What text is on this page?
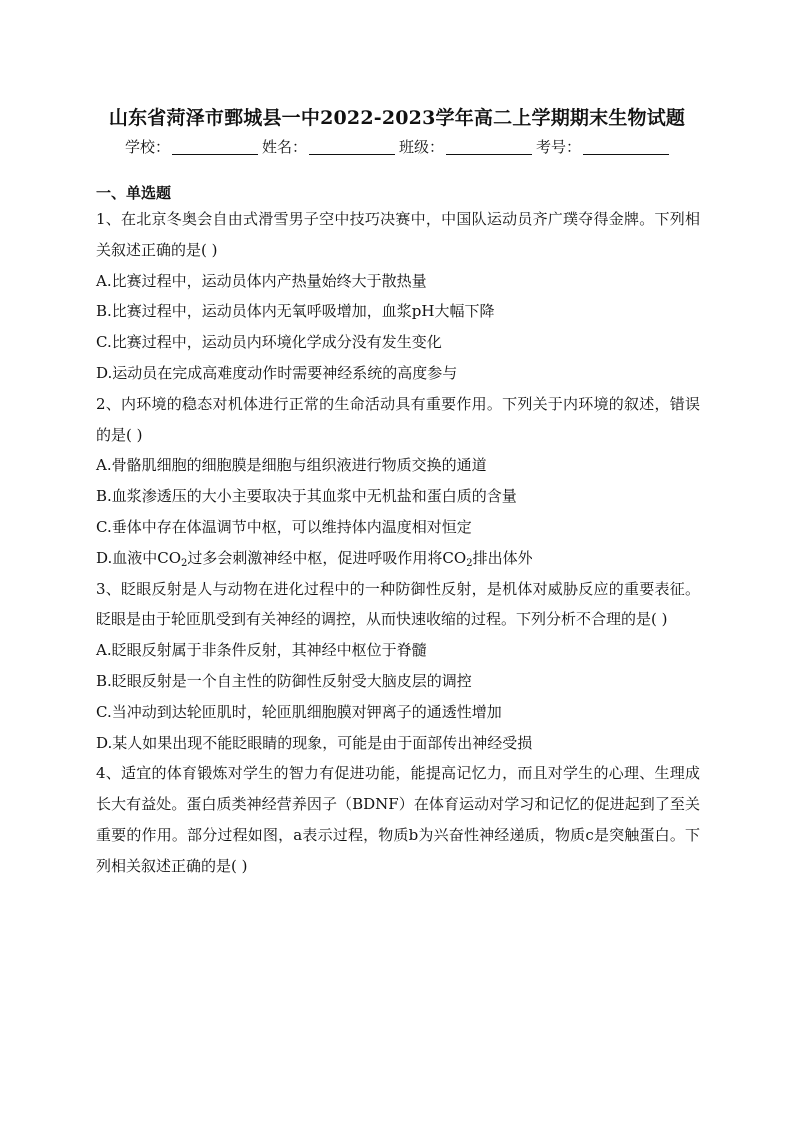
山东省菏泽市鄄城县一中2022-2023学年高二上学期期末生物试题
学校：	姓名：	班级：	考号：
一、单选题

1、在北京冬奥会自由式滑雪男子空中技巧决赛中，中国队运动员齐广璞夺得金牌。下列相关叙述正确的是( )

A.比赛过程中，运动员体内产热量始终大于散热量

B.比赛过程中，运动员体内无氧呼吸增加，血浆pH大幅下降

C.比赛过程中，运动员内环境化学成分没有发生变化

D.运动员在完成高难度动作时需要神经系统的高度参与

2、内环境的稳态对机体进行正常的生命活动具有重要作用。下列关于内环境的叙述，错误的是( )

A.骨骼肌细胞的细胞膜是细胞与组织液进行物质交换的通道

B.血浆渗透压的大小主要取决于其血浆中无机盐和蛋白质的含量

C.垂体中存在体温调节中枢，可以维持体内温度相对恒定

D.血液中$CO_2$过多会刺激神经中枢，促进呼吸作用将$CO_2$排出体外

3、眨眼反射是人与动物在进化过程中的一种防御性反射，是机体对威胁反应的重要表征。眨眼是由于轮匝肌受到有关神经的调控，从而快速收缩的过程。下列分析不合理的是( )

A.眨眼反射属于非条件反射，其神经中枢位于脊髓

B.眨眼反射是一个自主性的防御性反射受大脑皮层的调控

C.当冲动到达轮匝肌时，轮匝肌细胞膜对钾离子的通透性增加

D.某人如果出现不能眨眼睛的现象，可能是由于面部传出神经受损

4、适宜的体育锻炼对学生的智力有促进功能，能提高记忆力，而且对学生的心理、生理成长大有益处。蛋白质类神经营养因子（BDNF）在体育运动对学习和记忆的促进起到了至关重要的作用。部分过程如图，a表示过程，物质b为兴奋性神经递质，物质c是突触蛋白。下列相关叙述正确的是( )
